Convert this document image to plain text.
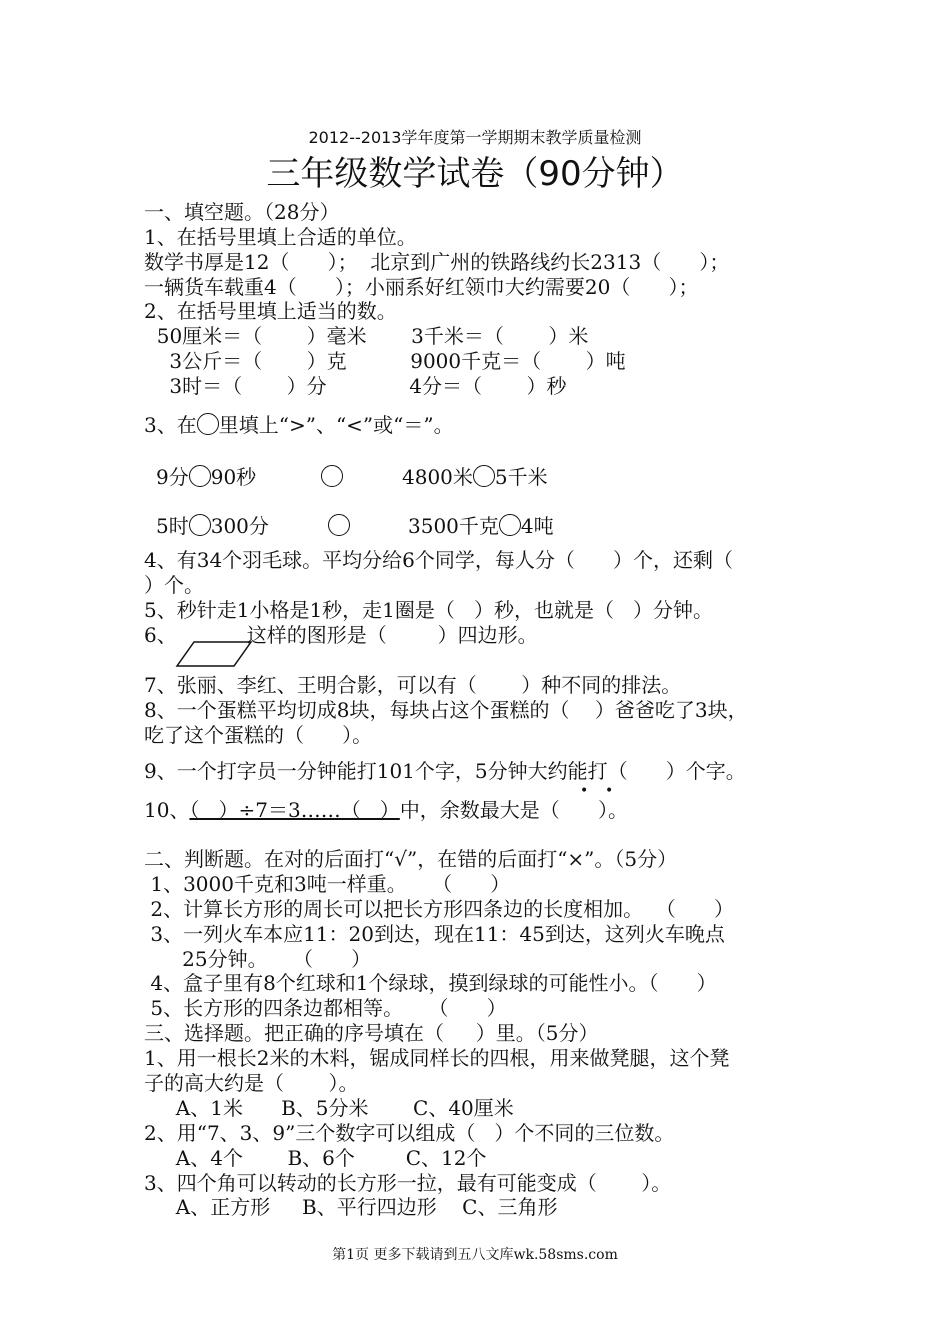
2012--2013学年度第一学期期末教学质量检测
三年级数学试卷（90分钟）
一、填空题。（28分）
1、在括号里填上合适的单位。
数学书厚是12（      ）；  北京到广州的铁路线约长2313（      ）；
一辆货车载重4（      ）；小丽系好红领巾大约需要20（      ）；
2、在括号里填上适当的数。
50厘米＝（       ）毫米       3千米＝（       ）米
3公斤＝（       ）克          9000千克＝（       ）吨
3时＝（       ）分             4分＝（       ）秒
3、在 里填上“>”、“<”或“＝”。
9分 90秒	4800米 5千米
5时 300分	3500千克 4吨
4、有34个羽毛球。平均分给6个同学，每人分（      ）个，还剩（
）个。
5、秒针走1小格是1秒，走1圈是（   ）秒，也就是（   ）分钟。
6、	这样的图形是（        ）四边形。
7、张丽、李红、王明合影，可以有（       ）种不同的排法。
8、一个蛋糕平均切成8块，每块占这个蛋糕的（    ）爸爸吃了3块，
吃了这个蛋糕的（      ）。
9、一个打字员一分钟能打101个字，5分钟大约能打（      ）个字。
• •
10、（   ）÷7＝3……（   ）中，余数最大是（      ）。
二、判断题。在对的后面打“√”，在错的后面打“×”。（5分）
1、3000千克和3吨一样重。    （      ）
2、计算长方形的周长可以把长方形四条边的长度相加。  （      ）
3、一列火车本应11：20到达，现在11：45到达，这列火车晚点
25分钟。    （      ）
4、盒子里有8个红球和1个绿球，摸到绿球的可能性小。（      ）
5、长方形的四条边都相等。    （      ）
三、选择题。把正确的序号填在（     ）里。（5分）
1、用一根长2米的木料，锯成同样长的四根，用来做凳腿，这个凳
子的高大约是（       ）。
A、1米      B、5分米       C、40厘米
2、用“7、3、9”三个数字可以组成（   ）个不同的三位数。
A、4个       B、6个        C、12个
3、四个角可以转动的长方形一拉，最有可能变成（       ）。
A、正方形     B、平行四边形    C、三角形
第1页 更多下载请到五八文库wk.58sms.com
